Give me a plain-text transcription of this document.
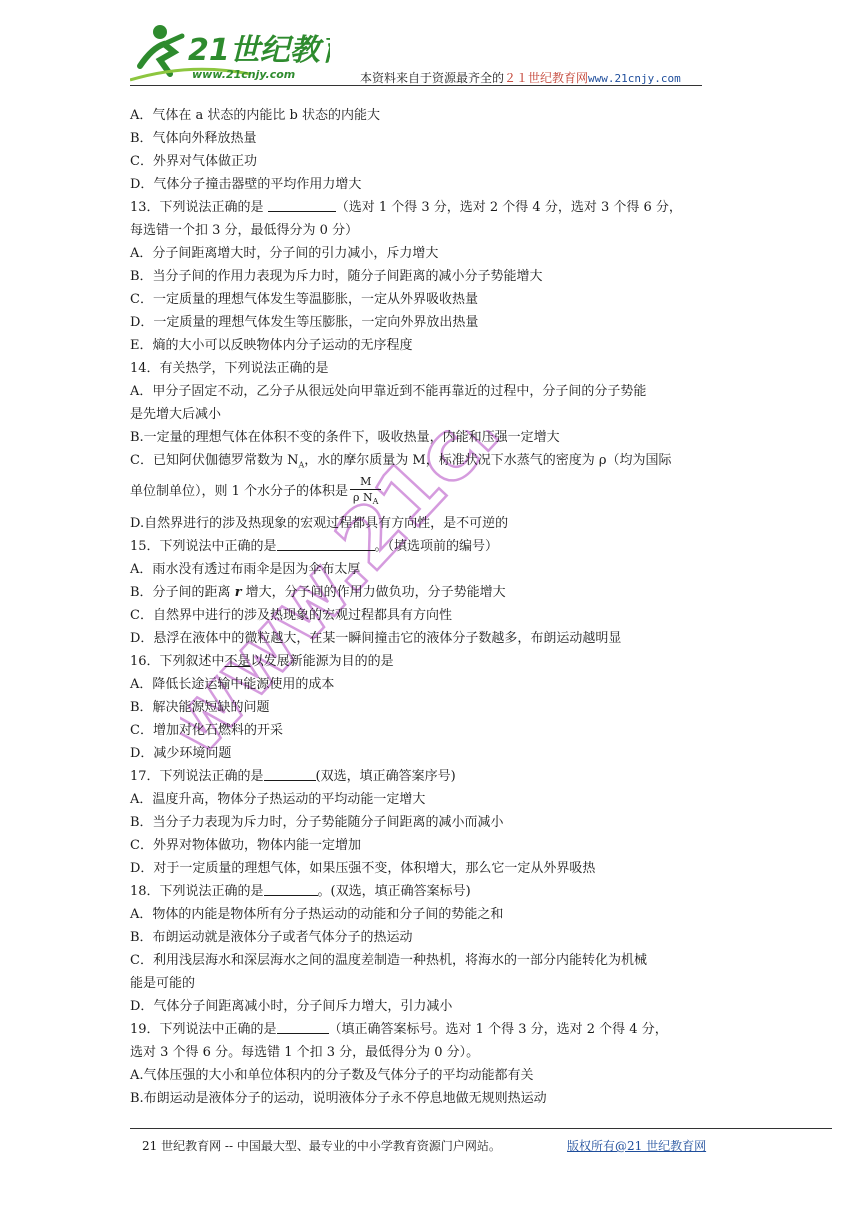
21世纪教
www.21cnjy.com	本资料来自于资源最齐全的２１世纪教育网www.21cnjy.com
www.21cnjy.com
A．气体在 a 状态的内能比 b 状态的内能大
B．气体向外释放热量
C．外界对气体做正功
D．气体分子撞击器壁的平均作用力增大
13．下列说法正确的是	（选对 1 个得 3 分，选对 2 个得 4 分，选对 3 个得 6 分，
每选错一个扣 3 分，最低得分为 0 分）
A．分子间距离增大时，分子间的引力减小，斥力增大
B．当分子间的作用力表现为斥力时，随分子间距离的减小分子势能增大
C．一定质量的理想气体发生等温膨胀，一定从外界吸收热量
D．一定质量的理想气体发生等压膨胀，一定向外界放出热量
E．熵的大小可以反映物体内分子运动的无序程度
14．有关热学，下列说法正确的是
A．甲分子固定不动，乙分子从很远处向甲靠近到不能再靠近的过程中，分子间的分子势能
是先增大后减小
B.一定量的理想气体在体积不变的条件下，吸收热量，内能和压强一定增大
C．已知阿伏伽德罗常数为 $N_A$，水的摩尔质量为 M，标准状况下水蒸气的密度为 ρ（均为国际
单位制单位），则 1 个水分子的体积是 $\frac{M}{\rho N_A}$
D.自然界进行的涉及热现象的宏观过程都具有方向性，是不可逆的
15．下列说法中正确的是	。（填选项前的编号）
A．雨水没有透过布雨伞是因为伞布太厚
B．分子间的距离 r 增大，分子间的作用力做负功，分子势能增大
C．自然界中进行的涉及热现象的宏观过程都具有方向性
D．悬浮在液体中的微粒越大，在某一瞬间撞击它的液体分子数越多，布朗运动越明显
16．下列叙述中不是以发展新能源为目的的是
A．降低长途运输中能源使用的成本
B．解决能源短缺的问题
C．增加对化石燃料的开采
D．减少环境问题
17．下列说法正确的是	(双选，填正确答案序号)
A．温度升高，物体分子热运动的平均动能一定增大
B．当分子力表现为斥力时，分子势能随分子间距离的减小而减小
C．外界对物体做功，物体内能一定增加
D．对于一定质量的理想气体，如果压强不变，体积增大，那么它一定从外界吸热
18．下列说法正确的是	。(双选，填正确答案标号)
A．物体的内能是物体所有分子热运动的动能和分子间的势能之和
B．布朗运动就是液体分子或者气体分子的热运动
C．利用浅层海水和深层海水之间的温度差制造一种热机，将海水的一部分内能转化为机械
能是可能的
D．气体分子间距离减小时，分子间斥力增大，引力减小
19．下列说法中正确的是	（填正确答案标号。选对 1 个得 3 分，选对 2 个得 4 分，
选对 3 个得 6 分。每选错 1 个扣 3 分，最低得分为 0 分）。
A.气体压强的大小和单位体积内的分子数及气体分子的平均动能都有关
B.布朗运动是液体分子的运动，说明液体分子永不停息地做无规则热运动
21 世纪教育网 -- 中国最大型、最专业的中小学教育资源门户网站。	版权所有@21 世纪教育网
